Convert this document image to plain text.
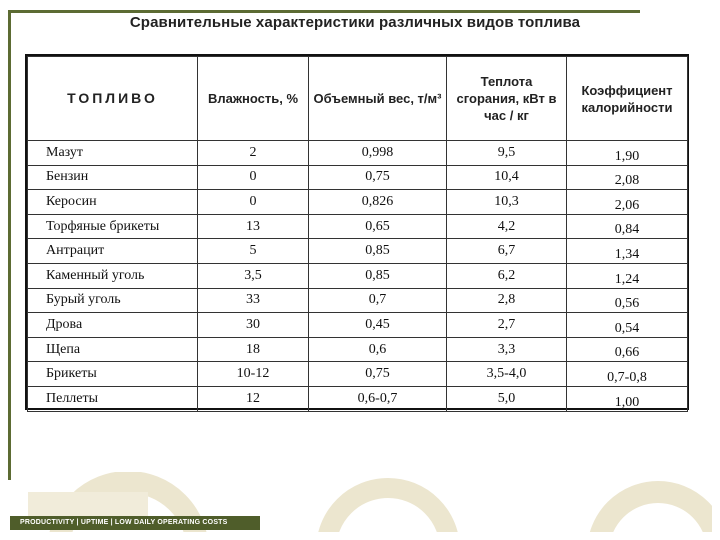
Сравнительные характеристики различных видов топлива
ТОПЛИВО	Влажность, %	Объемный вес, т/м³	Теплота сгорания, кВт в час / кг	Коэффициент калорийности
Мазут	2	0,998	9,5	1,90
Бензин	0	0,75	10,4	2,08
Керосин	0	0,826	10,3	2,06
Торфяные брикеты	13	0,65	4,2	0,84
Антрацит	5	0,85	6,7	1,34
Каменный уголь	3,5	0,85	6,2	1,24
Бурый уголь	33	0,7	2,8	0,56
Дрова	30	0,45	2,7	0,54
Щепа	18	0,6	3,3	0,66
Брикеты	10-12	0,75	3,5-4,0	0,7-0,8
Пеллеты	12	0,6-0,7	5,0	1,00
PRODUCTIVITY | UPTIME | LOW DAILY OPERATING COSTS
